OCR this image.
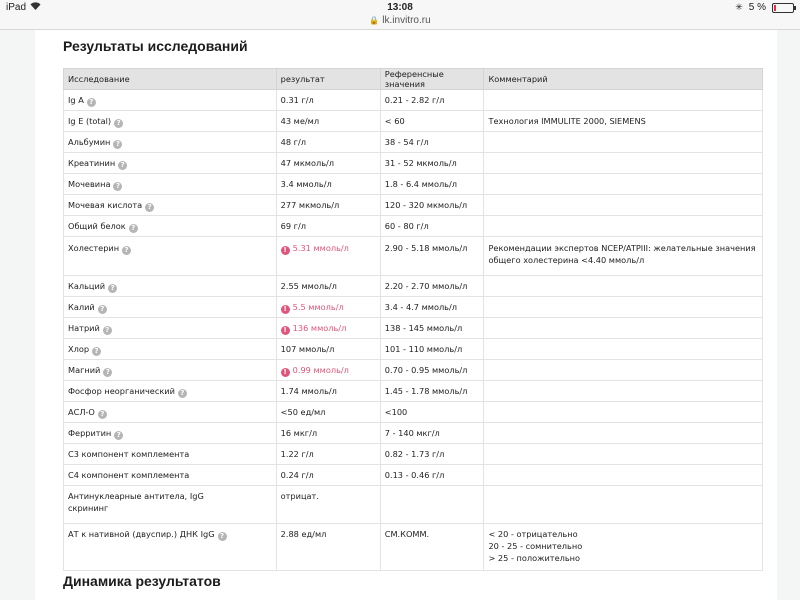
iPad	13:08	✳ 5 %
🔒 lk.invitro.ru
Результаты исследований
Исследование	результат	Референсные значения	Комментарий
Ig A ?	0.31 г/л	0.21 - 2.82 г/л	
Ig E (total) ?	43 ме/мл	< 60	Технология IMMULITE 2000, SIEMENS
Альбумин ?	48 г/л	38 - 54 г/л	
Креатинин ?	47 мкмоль/л	31 - 52 мкмоль/л	
Мочевина ?	3.4 ммоль/л	1.8 - 6.4 ммоль/л	
Мочевая кислота ?	277 мкмоль/л	120 - 320 мкмоль/л	
Общий белок ?	69 г/л	60 - 80 г/л	
Холестерин ?	! 5.31 ммоль/л	2.90 - 5.18 ммоль/л	Рекомендации экспертов NCEP/ATPIII: желательные значения общего холестерина <4.40 ммоль/л
Кальций ?	2.55 ммоль/л	2.20 - 2.70 ммоль/л	
Калий ?	! 5.5 ммоль/л	3.4 - 4.7 ммоль/л	
Натрий ?	! 136 ммоль/л	138 - 145 ммоль/л	
Хлор ?	107 ммоль/л	101 - 110 ммоль/л	
Магний ?	! 0.99 ммоль/л	0.70 - 0.95 ммоль/л	
Фосфор неорганический ?	1.74 ммоль/л	1.45 - 1.78 ммоль/л	
АСЛ-О ?	<50 ед/мл	<100	
Ферритин ?	16 мкг/л	7 - 140 мкг/л	
С3 компонент комплемента	1.22 г/л	0.82 - 1.73 г/л	
С4 компонент комплемента	0.24 г/л	0.13 - 0.46 г/л	
Антинуклеарные антитела, IgG скрининг	отрицат.		
АТ к нативной (двуспир.) ДНК IgG ?	2.88 ед/мл	СМ.КОММ.	< 20 - отрицательно
20 - 25 - сомнительно
> 25 - положительно
Динамика результатов
